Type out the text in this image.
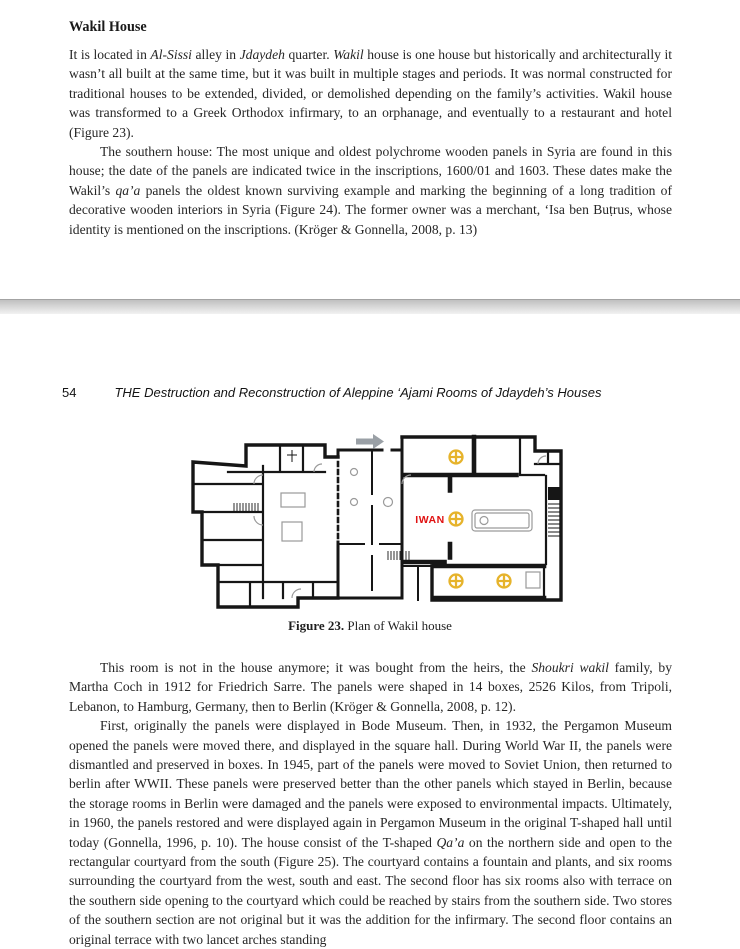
Wakil House

It is located in Al-Sissi alley in Jdaydeh quarter. Wakil house is one house but historically and architecturally it wasn’t all built at the same time, but it was built in multiple stages and periods. It was normal constructed for traditional houses to be extended, divided, or demolished depending on the family’s activities. Wakil house was transformed to a Greek Orthodox infirmary, to an orphanage, and eventually to a restaurant and hotel (Figure 23).

The southern house: The most unique and oldest polychrome wooden panels in Syria are found in this house; the date of the panels are indicated twice in the inscriptions, 1600/01 and 1603. These dates make the Wakil’s qa’a panels the oldest known surviving example and marking the beginning of a long tradition of decorative wooden interiors in Syria (Figure 24). The former owner was a merchant, ‘Isa ben Buṭrus, whose identity is mentioned on the inscriptions. (Kröger & Gonnella, 2008, p. 13)

54	THE Destruction and Reconstruction of Aleppine ‘Ajami Rooms of Jdaydeh’s Houses
IWAN
Figure 23. Plan of Wakil house

This room is not in the house anymore; it was bought from the heirs, the Shoukri wakil family, by Martha Coch in 1912 for Friedrich Sarre. The panels were shaped in 14 boxes, 2526 Kilos, from Tripoli, Lebanon, to Hamburg, Germany, then to Berlin (Kröger & Gonnella, 2008, p. 12).

First, originally the panels were displayed in Bode Museum. Then, in 1932, the Pergamon Museum opened the panels were moved there, and displayed in the square hall. During World War II, the panels were dismantled and preserved in boxes. In 1945, part of the panels were moved to Soviet Union, then returned to berlin after WWII. These panels were preserved better than the other panels which stayed in Berlin, because the storage rooms in Berlin were damaged and the panels were exposed to environmental impacts. Ultimately, in 1960, the panels restored and were displayed again in Pergamon Museum in the original T-shaped hall until today (Gonnella, 1996, p. 10). The house consist of the T-shaped Qa’a on the northern side and open to the rectangular courtyard from the south (Figure 25). The courtyard contains a fountain and plants, and six rooms surrounding the courtyard from the west, south and east. The second floor has six rooms also with terrace on the southern side opening to the courtyard which could be reached by stairs from the southern side. Two stores of the southern section are not original but it was the addition for the infirmary. The second floor contains an original terrace with two lancet arches standing
